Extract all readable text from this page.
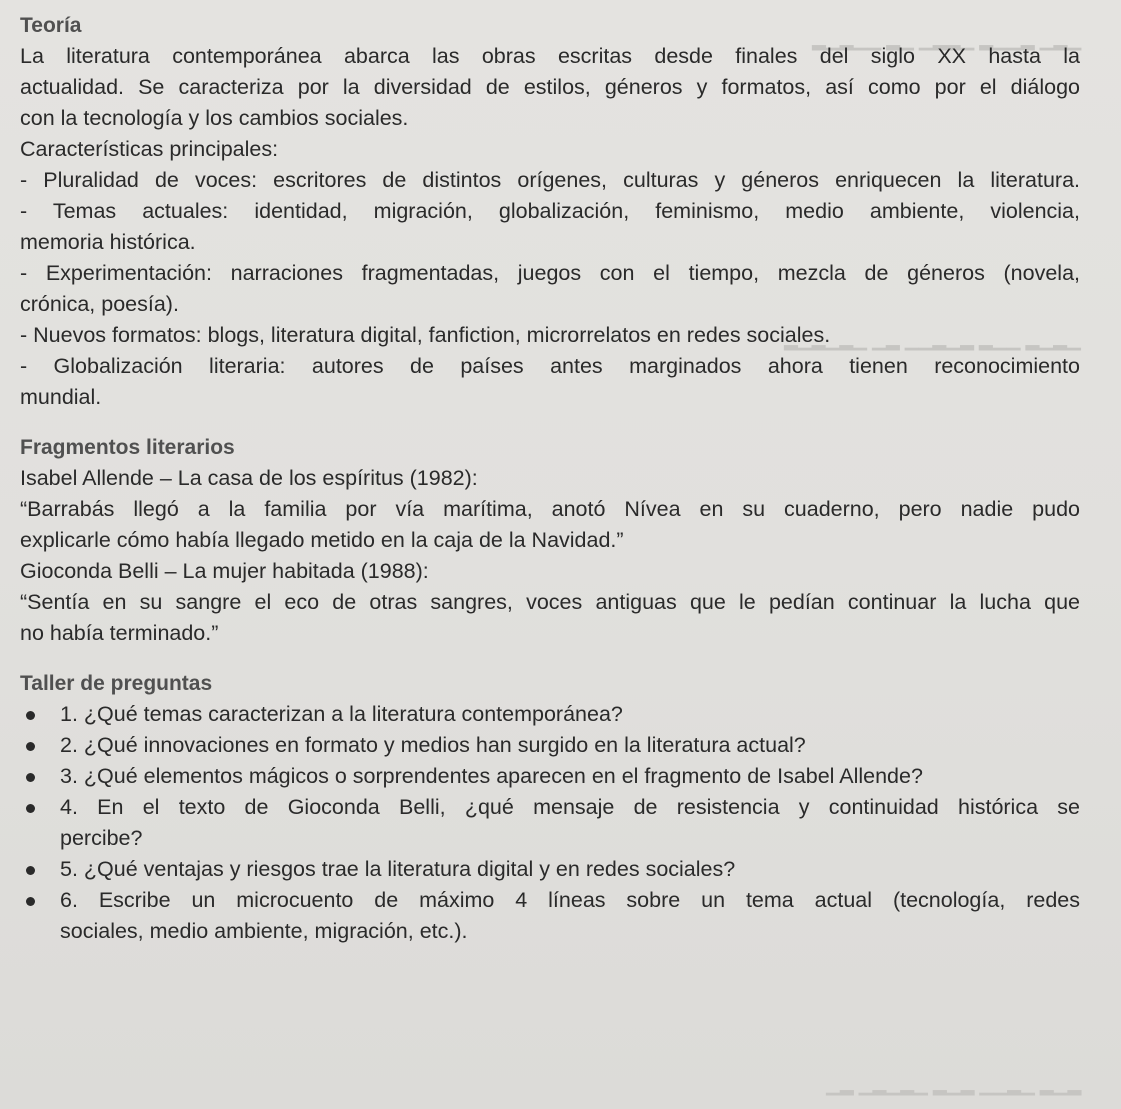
▁▂▁ ▂▁▁▂ ▁▂▂▁ ▁▂ ▁▁▂▁▂
▁▂▁▂ ▁▁▂ ▂▁▂▁▁ ▂▁ ▁▂▁▂▁▂
▂▁▂ ▁▂▁▁ ▂▁▂ ▁▂▁▂▁ ▂▁
Teoría
La literatura contemporánea abarca las obras escritas desde finales del siglo XX hasta la
actualidad. Se caracteriza por la diversidad de estilos, géneros y formatos, así como por el diálogo
con la tecnología y los cambios sociales.
Características principales:
- Pluralidad de voces: escritores de distintos orígenes, culturas y géneros enriquecen la literatura.
- Temas actuales: identidad, migración, globalización, feminismo, medio ambiente, violencia,
memoria histórica.
- Experimentación: narraciones fragmentadas, juegos con el tiempo, mezcla de géneros (novela,
crónica, poesía).
- Nuevos formatos: blogs, literatura digital, fanfiction, microrrelatos en redes sociales.
- Globalización literaria: autores de países antes marginados ahora tienen reconocimiento
mundial.
Fragmentos literarios
Isabel Allende – La casa de los espíritus (1982):
“Barrabás llegó a la familia por vía marítima, anotó Nívea en su cuaderno, pero nadie pudo
explicarle cómo había llegado metido en la caja de la Navidad.”
Gioconda Belli – La mujer habitada (1988):
“Sentía en su sangre el eco de otras sangres, voces antiguas que le pedían continuar la lucha que
no había terminado.”
Taller de preguntas
1. ¿Qué temas caracterizan a la literatura contemporánea?
2. ¿Qué innovaciones en formato y medios han surgido en la literatura actual?
3. ¿Qué elementos mágicos o sorprendentes aparecen en el fragmento de Isabel Allende?
4. En el texto de Gioconda Belli, ¿qué mensaje de resistencia y continuidad histórica se
percibe?
5. ¿Qué ventajas y riesgos trae la literatura digital y en redes sociales?
6. Escribe un microcuento de máximo 4 líneas sobre un tema actual (tecnología, redes
sociales, medio ambiente, migración, etc.).
